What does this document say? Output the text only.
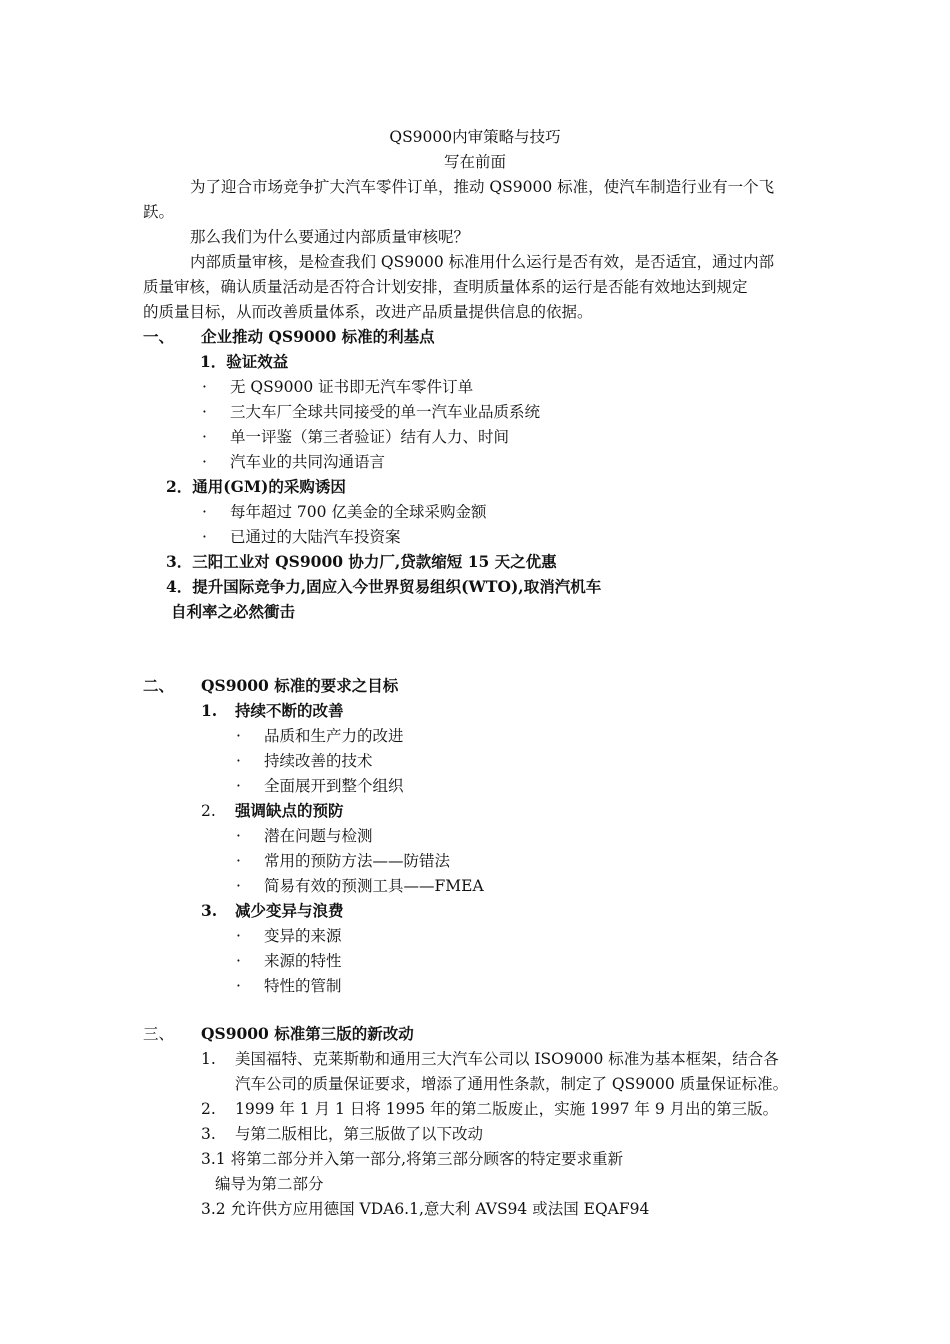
QS9000内审策略与技巧
写在前面
为了迎合市场竞争扩大汽车零件订单，推动 QS9000 标准，使汽车制造行业有一个飞
跃。
那么我们为什么要通过内部质量审核呢？
内部质量审核，是检查我们 QS9000 标准用什么运行是否有效，是否适宜，通过内部
质量审核，确认质量活动是否符合计划安排，查明质量体系的运行是否能有效地达到规定
的质量目标，从而改善质量体系，改进产品质量提供信息的依据。
一、 企业推动 QS9000 标准的利基点
1．验证效益
· 无 QS9000 证书即无汽车零件订单
· 三大车厂全球共同接受的单一汽车业品质系统
· 单一评鉴（第三者验证）结有人力、时间
· 汽车业的共同沟通语言
2．通用(GM)的采购诱因
· 每年超过 700 亿美金的全球采购金额
· 已通过的大陆汽车投资案
3．三阳工业对 QS9000 协力厂,贷款缩短 15 天之优惠
4．提升国际竞争力,固应入今世界贸易组织(WTO),取消汽机车
自利率之必然衝击
二、 QS9000 标准的要求之目标
1. 持续不断的改善
· 品质和生产力的改进
· 持续改善的技术
· 全面展开到整个组织
2. 强调缺点的预防
· 潜在问题与检测
· 常用的预防方法——防错法
· 简易有效的预测工具——FMEA
3. 减少变异与浪费
· 变异的来源
· 来源的特性
· 特性的管制
三、 QS9000 标准第三版的新改动
1. 美国福特、克莱斯勒和通用三大汽车公司以 ISO9000 标准为基本框架，结合各
汽车公司的质量保证要求，增添了通用性条款，制定了 QS9000 质量保证标准。
2. 1999 年 1 月 1 日将 1995 年的第二版废止，实施 1997 年 9 月出的第三版。
3. 与第二版相比，第三版做了以下改动
3.1 将第二部分并入第一部分,将第三部分顾客的特定要求重新
编导为第二部分
3.2 允许供方应用德国 VDA6.1,意大利 AVS94 或法国 EQAF94
